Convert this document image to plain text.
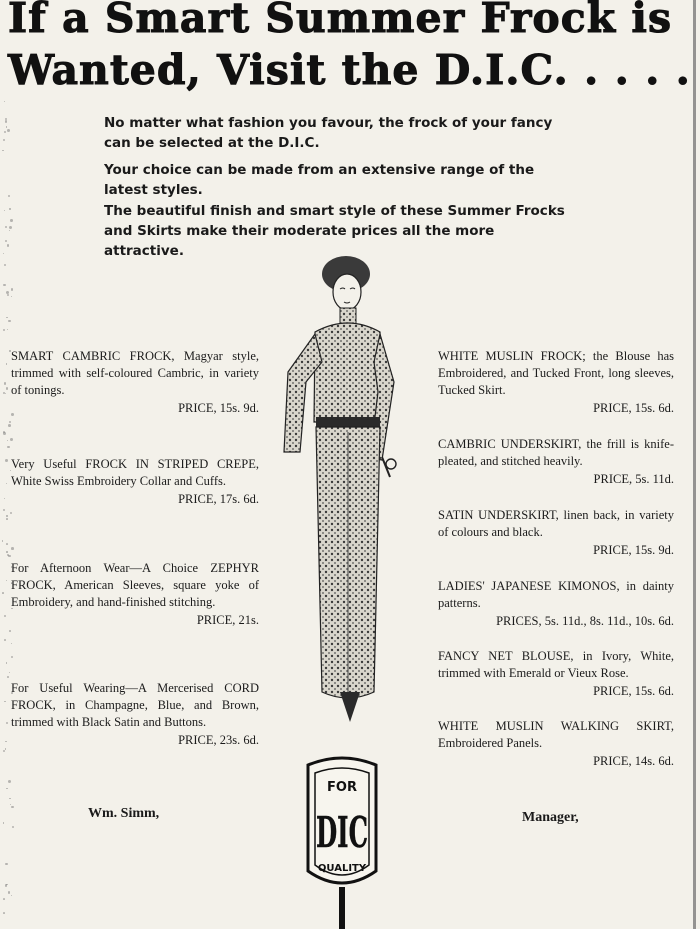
If a Smart Summer Frock is
Wanted, Visit the D.I.C. . . . .

No matter what fashion you favour, the frock of your fancy can be selected at the D.I.C.

Your choice can be made from an extensive range of the latest styles.

The beautiful finish and smart style of these Summer Frocks and Skirts make their moderate prices all the more attractive.

SMART CAMBRIC FROCK, Magyar style, trimmed with self-coloured Cambric, in variety of tonings.
PRICE, 15s. 9d.
Very Useful FROCK IN STRIPED CREPE, White Swiss Embroidery Collar and Cuffs.
PRICE, 17s. 6d.
For Afternoon Wear—A Choice ZEPHYR FROCK, American Sleeves, square yoke of Embroidery, and hand-finished stitching.
PRICE, 21s.
For Useful Wearing—A Mercerised CORD FROCK, in Champagne, Blue, and Brown, trimmed with Black Satin and Buttons.
PRICE, 23s. 6d.
WHITE MUSLIN FROCK; the Blouse has Embroidered, and Tucked Front, long sleeves, Tucked Skirt.
PRICE, 15s. 6d.
CAMBRIC UNDERSKIRT, the frill is knife-pleated, and stitched heavily.
PRICE, 5s. 11d.
SATIN UNDERSKIRT, linen back, in variety of colours and black.
PRICE, 15s. 9d.
LADIES' JAPANESE KIMONOS, in dainty patterns.
PRICES, 5s. 11d., 8s. 11d., 10s. 6d.
FANCY NET BLOUSE, in Ivory, White, trimmed with Emerald or Vieux Rose.
PRICE, 15s. 6d.
WHITE MUSLIN WALKING SKIRT, Embroidered Panels.
PRICE, 14s. 6d.
FOR
DIC
QUALITY
Wm. Simm,	Manager,
